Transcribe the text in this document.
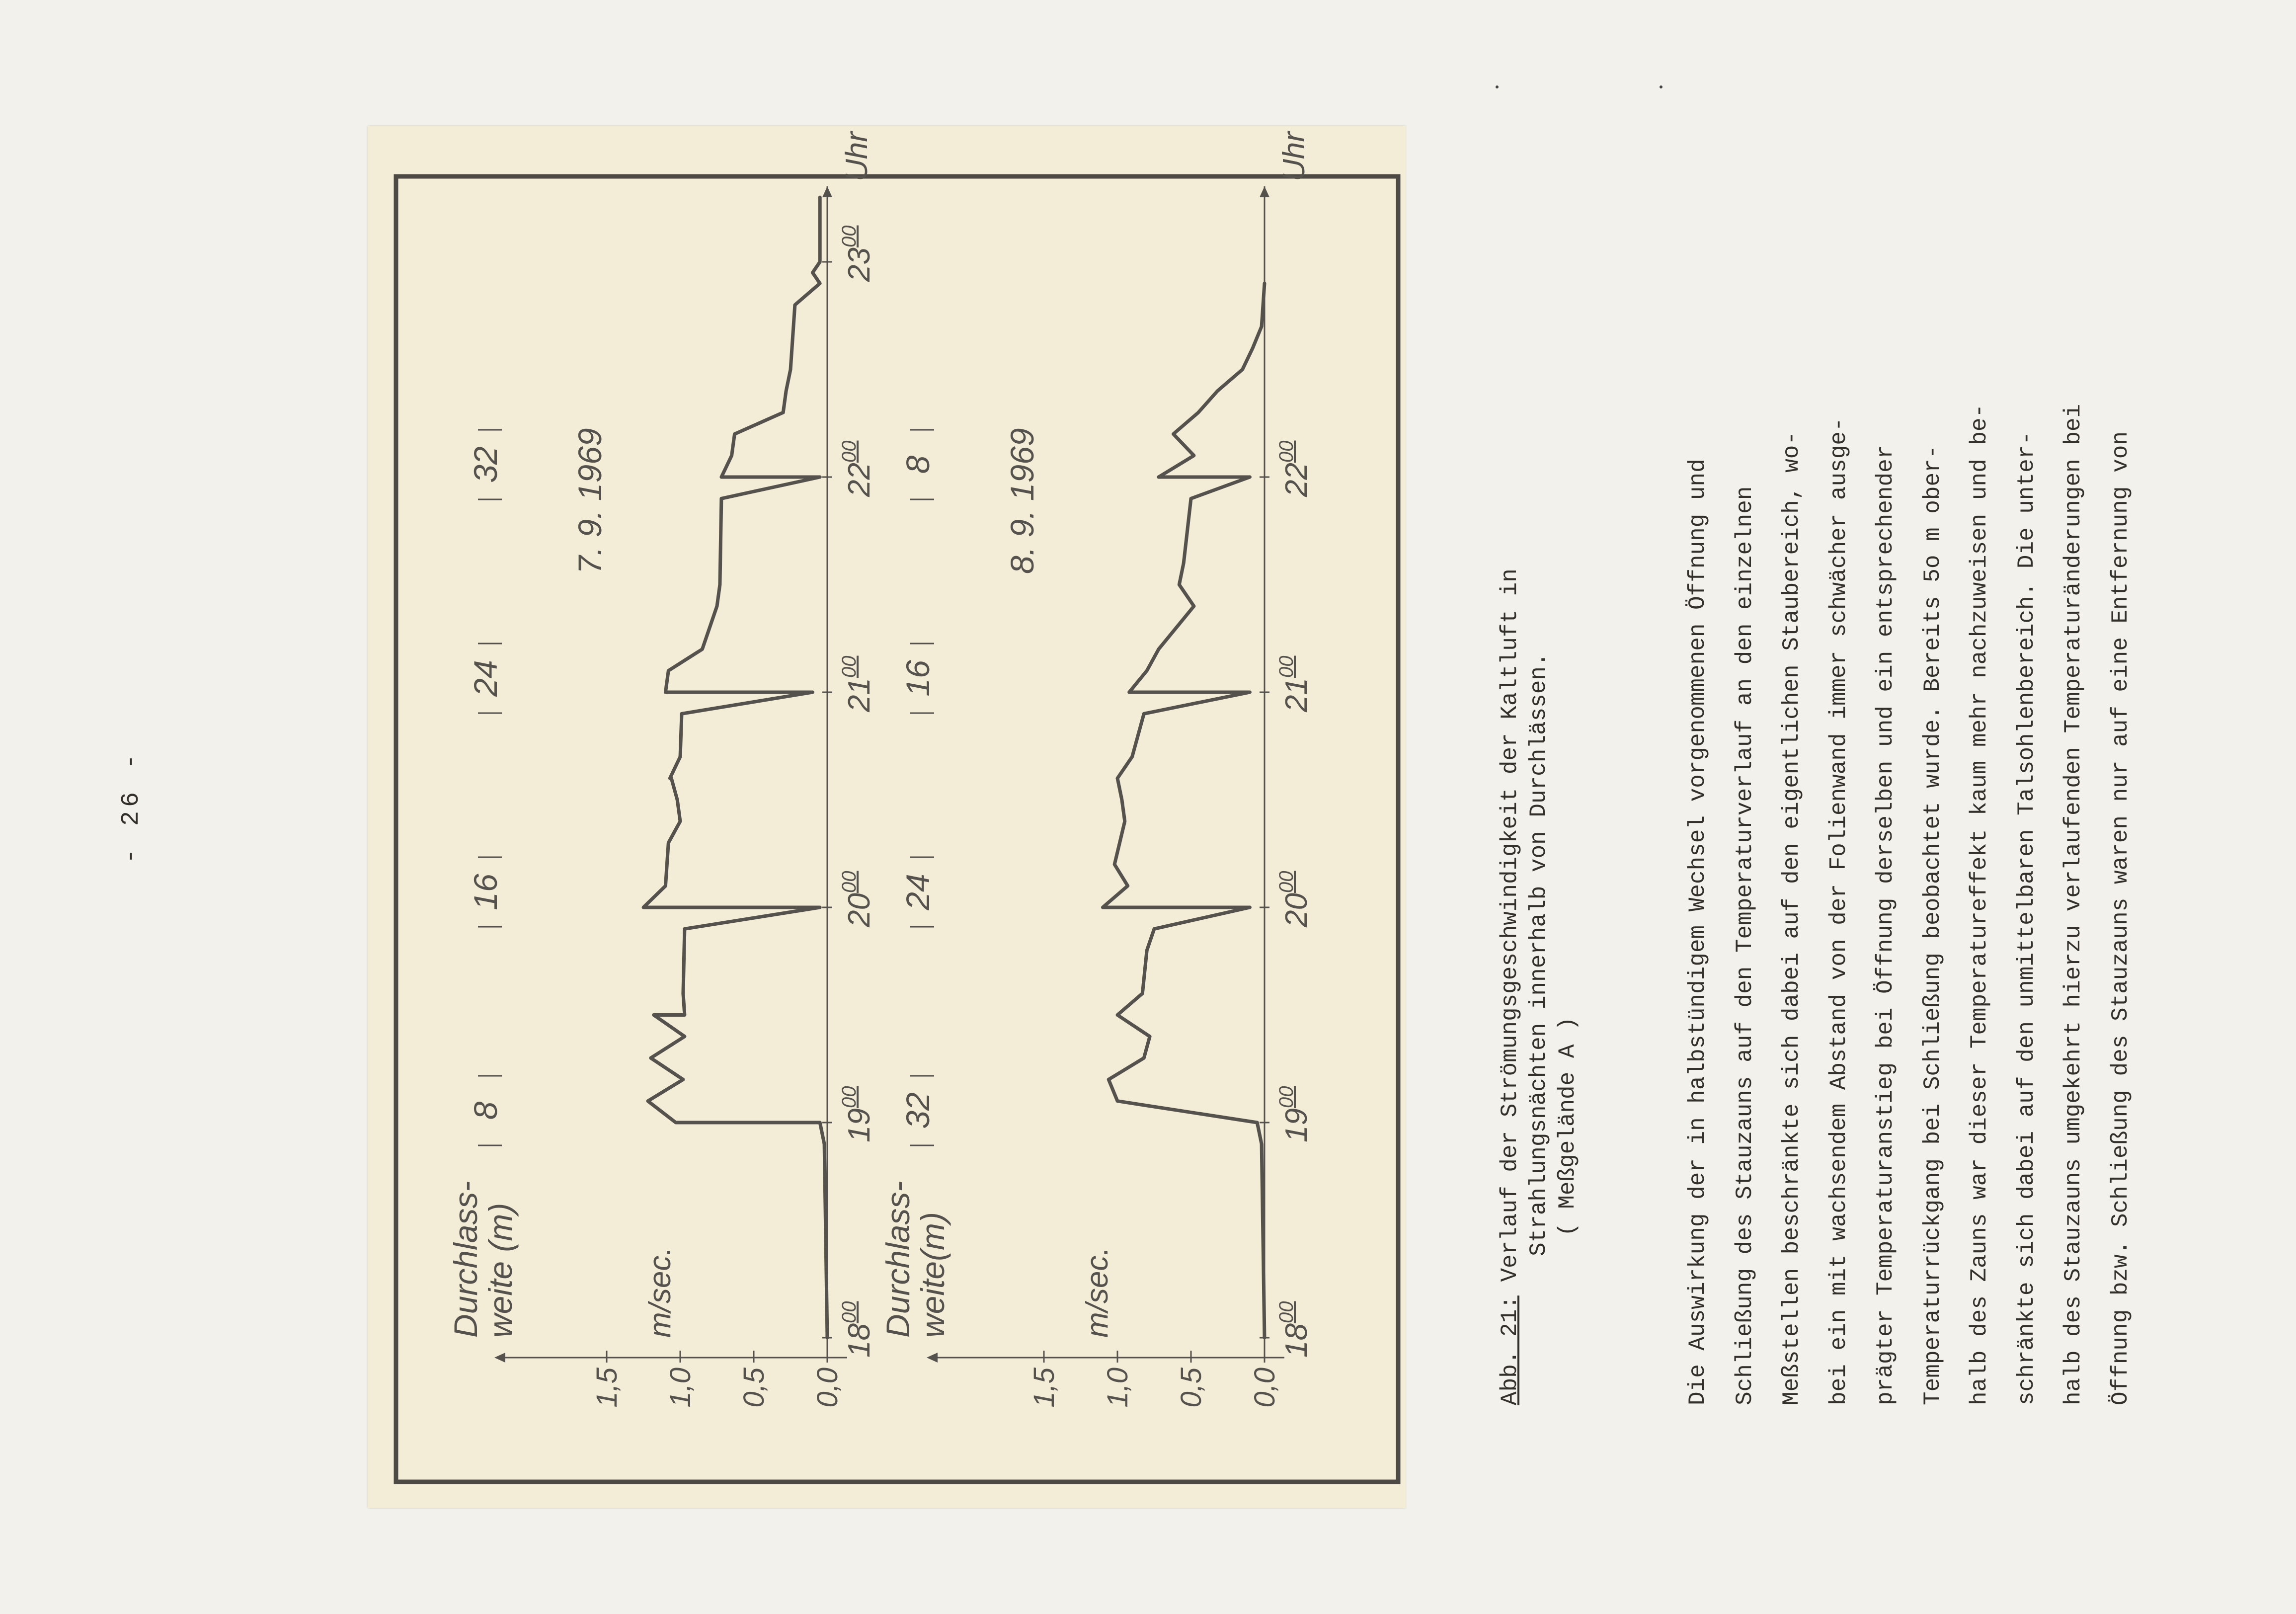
- 26 -
0,0
0,5
1,0
1,5
$18^{00}$
$19^{00}$
$20^{00}$
$21^{00}$
$22^{00}$
$23^{00}$
Uhr
m/sec.
Durchlass-
weite (m)
7. 9. 1969
8
16
24
32
0,0
0,5
1,0
1,5
$18^{00}$
$19^{00}$
$20^{00}$
$21^{00}$
$22^{00}$
Uhr
m/sec.
Durchlass-
weite(m)
8. 9. 1969
32
24
16
8
Abb. 21: Verlauf der Strömungsgeschwindigkeit der Kaltluft in Strahlungsnächten innerhalb von Durchlässen. ( Meßgelände A )	Die Auswirkung der in halbstündigem Wechsel vorgenommenen Öffnung und Schließung des Stauzauns auf den Temperaturverlauf an den einzelnen Meßstellen beschränkte sich dabei auf den eigentlichen Staubereich, wo- bei ein mit wachsendem Abstand von der Folienwand immer schwächer ausge- prägter Temperaturanstieg bei Öffnung derselben und ein entsprechender Temperaturrückgang bei Schließung beobachtet wurde. Bereits 5o m ober- halb des Zauns war dieser Temperatureffekt kaum mehr nachzuweisen und be- schränkte sich dabei auf den unmittelbaren Talsohlenbereich. Die unter- halb des Stauzauns umgekehrt hierzu verlaufenden Temperaturänderungen bei Öffnung bzw. Schließung des Stauzauns waren nur auf eine Entfernung von
